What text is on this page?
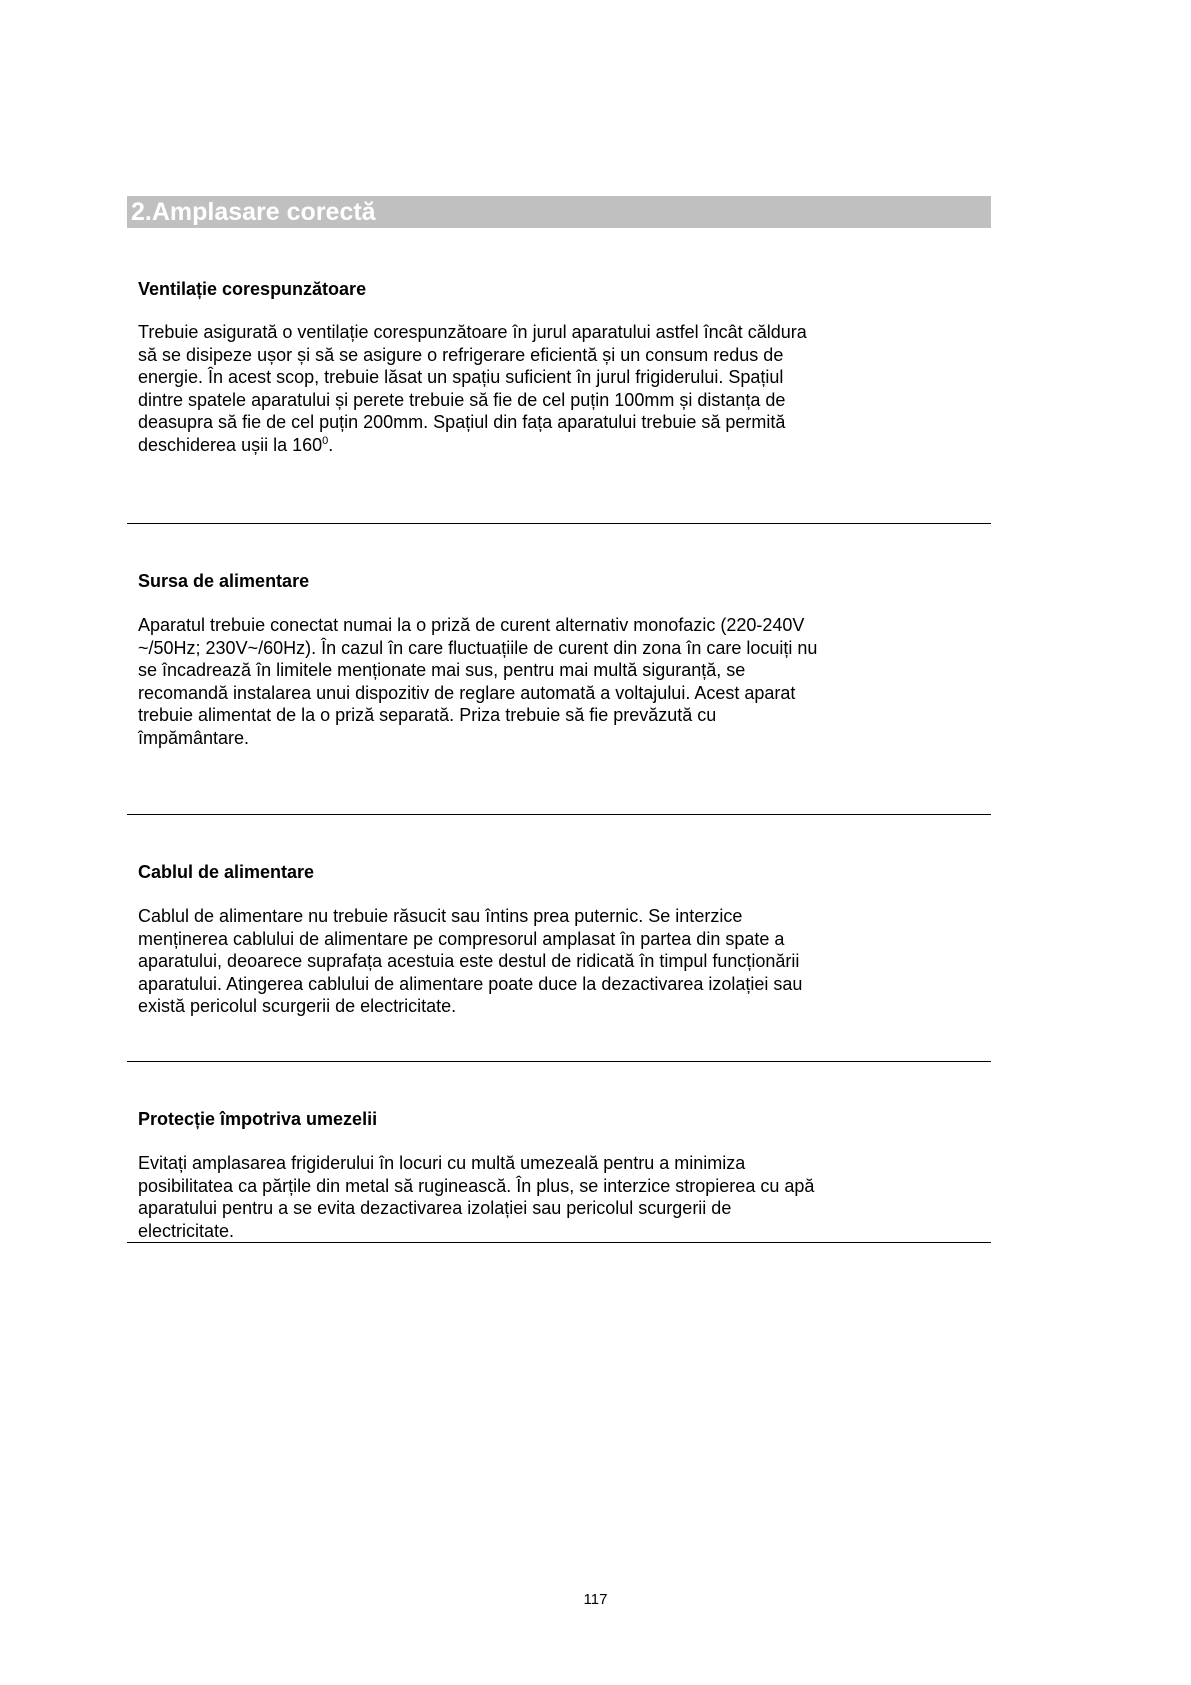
2.Amplasare corectă
Ventilație corespunzătoare
Trebuie asigurată o ventilație corespunzătoare în jurul aparatului astfel încât căldura
să se disipeze ușor și să se asigure o refrigerare eficientă și un consum redus de
energie. În acest scop, trebuie lăsat un spațiu suficient în jurul frigiderului. Spațiul
dintre spatele aparatului și perete trebuie să fie de cel puțin 100mm și distanța de
deasupra să fie de cel puțin 200mm. Spațiul din fața aparatului trebuie să permită
deschiderea ușii la $160^0$.
Sursa de alimentare
Aparatul trebuie conectat numai la o priză de curent alternativ monofazic (220-240V
~/50Hz; 230V~/60Hz). În cazul în care fluctuațiile de curent din zona în care locuiți nu
se încadrează în limitele menționate mai sus, pentru mai multă siguranță, se
recomandă instalarea unui dispozitiv de reglare automată a voltajului. Acest aparat
trebuie alimentat de la o priză separată. Priza trebuie să fie prevăzută cu
împământare.
Cablul de alimentare
Cablul de alimentare nu trebuie răsucit sau întins prea puternic. Se interzice
menținerea cablului de alimentare pe compresorul amplasat în partea din spate a
aparatului, deoarece suprafața acestuia este destul de ridicată în timpul funcționării
aparatului. Atingerea cablului de alimentare poate duce la dezactivarea izolației sau
există pericolul scurgerii de electricitate.
Protecție împotriva umezelii
Evitați amplasarea frigiderului în locuri cu multă umezeală pentru a minimiza
posibilitatea ca părțile din metal să ruginească. În plus, se interzice stropierea cu apă
aparatului pentru a se evita dezactivarea izolației sau pericolul scurgerii de
electricitate.
117
